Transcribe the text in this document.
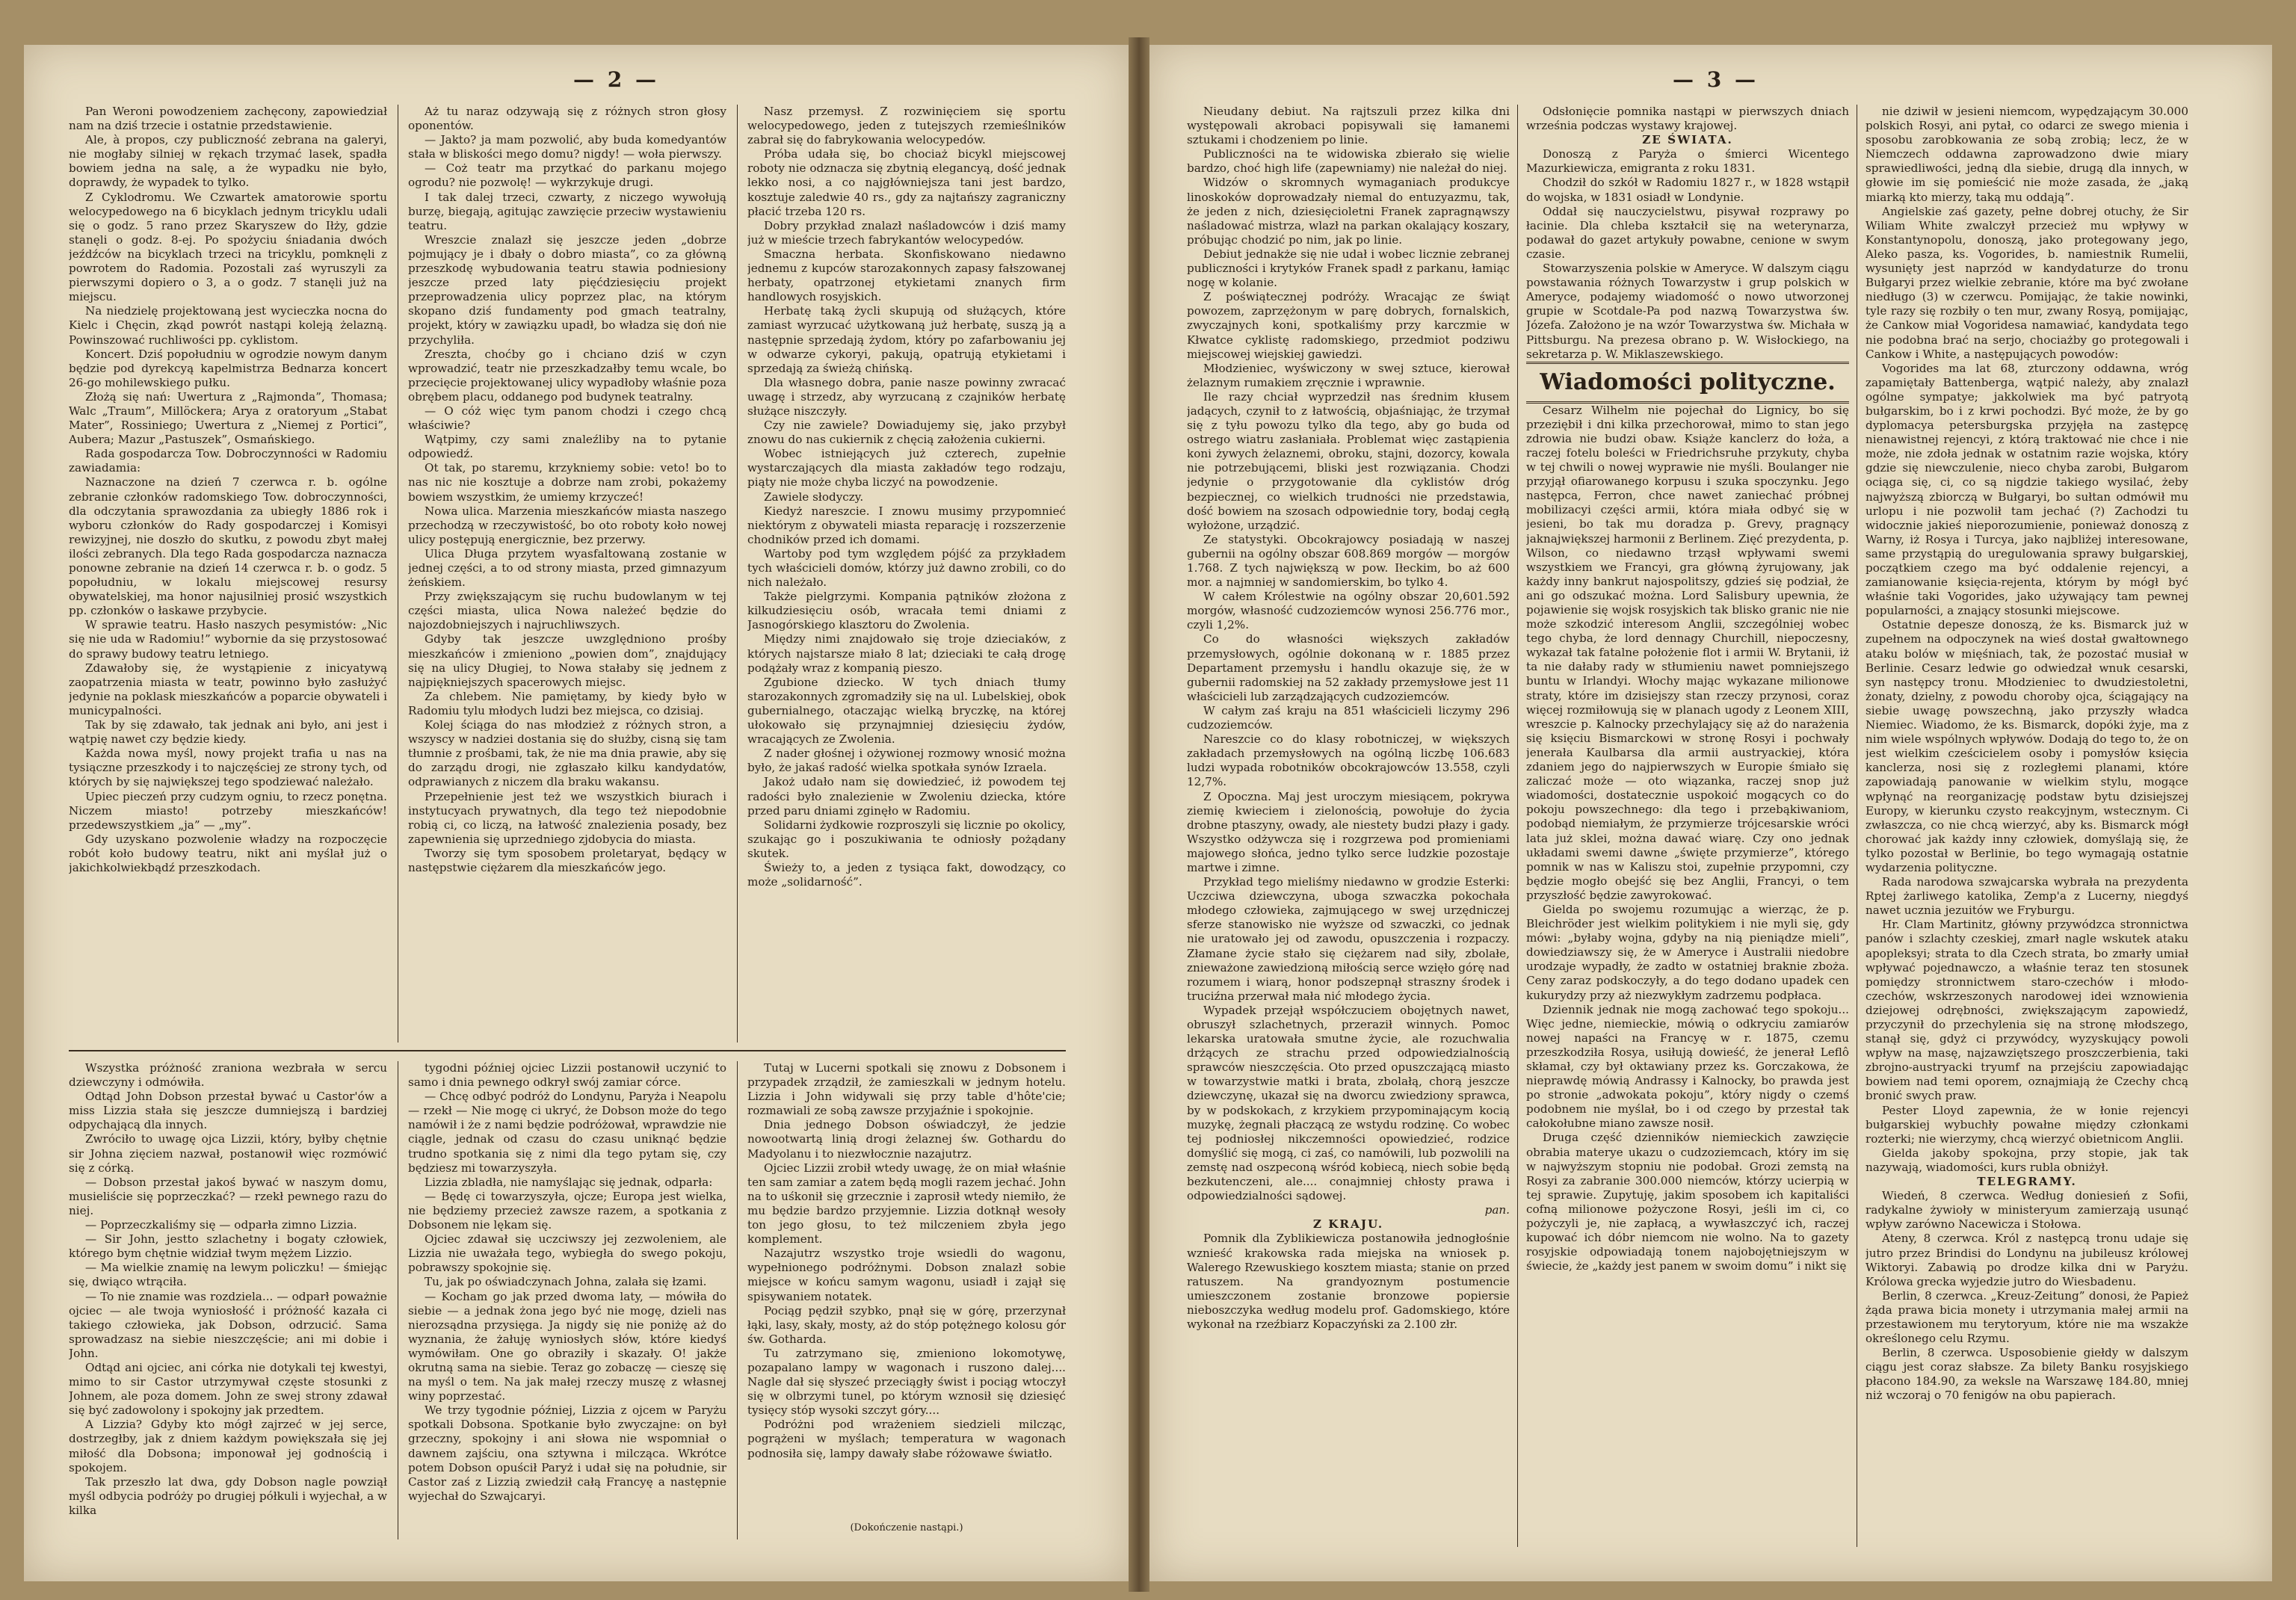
— 2 —

Pan Weroni powodzeniem zachęcony, zapowiedział nam na dziś trzecie i ostatnie przedstawienie.

Ale, à propos, czy publiczność zebrana na galeryi, nie mogłaby silniej w rękach trzymać lasek, spadła bowiem jedna na salę, a że wypadku nie było, doprawdy, że wypadek to tylko.

Z Cyklodromu. We Czwartek amatorowie sportu welocypedowego na 6 bicyklach jednym tricyklu udali się o godz. 5 rano przez Skaryszew do Iłży, gdzie stanęli o godz. 8-ej. Po spożyciu śniadania dwóch jeźdźców na bicyklach trzeci na tricyklu, pomknęli z powrotem do Radomia. Pozostali zaś wyruszyli za pierwszymi dopiero o 3, a o godz. 7 stanęli już na miejscu.

Na niedzielę projektowaną jest wycieczka nocna do Kielc i Chęcin, zkąd powrót nastąpi koleją żelazną. Powinszować ruchliwości pp. cyklistom.

Koncert. Dziś popołudniu w ogrodzie nowym danym będzie pod dyrekcyą kapelmistrza Bednarza koncert 26-go mohilewskiego pułku.

Złożą się nań: Uwertura z „Rajmonda”, Thomasa; Walc „Traum”, Millöckera; Arya z oratoryum „Stabat Mater”, Rossiniego; Uwertura z „Niemej z Portici”, Aubera; Mazur „Pastuszek”, Osmańskiego.

Rada gospodarcza Tow. Dobroczynności w Radomiu zawiadamia:

Naznaczone na dzień 7 czerwca r. b. ogólne zebranie członków radomskiego Tow. dobroczynności, dla odczytania sprawozdania za ubiegły 1886 rok i wyboru członków do Rady gospodarczej i Komisyi rewizyjnej, nie doszło do skutku, z powodu zbyt małej ilości zebranych. Dla tego Rada gospodarcza naznacza ponowne zebranie na dzień 14 czerwca r. b. o godz. 5 popołudniu, w lokalu miejscowej resursy obywatelskiej, ma honor najusilniej prosić wszystkich pp. członków o łaskawe przybycie.

W sprawie teatru. Hasło naszych pesymistów: „Nic się nie uda w Radomiu!” wybornie da się przystosować do sprawy budowy teatru letniego.

Zdawałoby się, że wystąpienie z inicyatywą zaopatrzenia miasta w teatr, powinno było zasłużyć jedynie na poklask mieszkańców a poparcie obywateli i municypalności.

Tak by się zdawało, tak jednak ani było, ani jest i wątpię nawet czy będzie kiedy.

Każda nowa myśl, nowy projekt trafia u nas na tysiączne przeszkody i to najczęściej ze strony tych, od których by się największej tego spodziewać należało.

Upiec pieczeń przy cudzym ogniu, to rzecz ponętna. Niczem miasto! potrzeby mieszkańców! przedewszystkiem „ja” — „my”.

Gdy uzyskano pozwolenie władzy na rozpoczęcie robót koło budowy teatru, nikt ani myślał już o jakichkolwiekbądź przeszkodach.

Aż tu naraz odzywają się z różnych stron głosy oponentów.

— Jakto? ja mam pozwolić, aby buda komedyantów stała w bliskości mego domu? nigdy! — woła pierwszy.

— Coż teatr ma przytkać do parkanu mojego ogrodu? nie pozwolę! — wykrzykuje drugi.

I tak dalej trzeci, czwarty, z niczego wywołują burzę, biegają, agitując zawzięcie przeciw wystawieniu teatru.

Wreszcie znalazł się jeszcze jeden „dobrze pojmujący je i dbały o dobro miasta”, co za główną przeszkodę wybudowania teatru stawia podniesiony jeszcze przed laty pięćdziesięciu projekt przeprowadzenia ulicy poprzez plac, na którym skopano dziś fundamenty pod gmach teatralny, projekt, który w zawiązku upadł, bo władza się doń nie przychyliła.

Zreszta, choćby go i chciano dziś w czyn wprowadzić, teatr nie przeszkadzałby temu wcale, bo przecięcie projektowanej ulicy wypadłoby właśnie poza obrębem placu, oddanego pod budynek teatralny.

— O cóż więc tym panom chodzi i czego chcą właściwie?

Wątpimy, czy sami znaleźliby na to pytanie odpowiedź.

Ot tak, po staremu, krzykniemy sobie: veto! bo to nas nic nie kosztuje a dobrze nam zrobi, pokażemy bowiem wszystkim, że umiemy krzyczeć!

Nowa ulica. Marzenia mieszkańców miasta naszego przechodzą w rzeczywistość, bo oto roboty koło nowej ulicy postępują energicznie, bez przerwy.

Ulica Długa przytem wyasfaltowaną zostanie w jednej części, a to od strony miasta, przed gimnazyum żeńskiem.

Przy zwiększającym się ruchu budowlanym w tej części miasta, ulica Nowa należeć będzie do najozdobniejszych i najruchliwszych.

Gdyby tak jeszcze uwzględniono prośby mieszkańców i zmieniono „powien dom”, znajdujący się na ulicy Długiej, to Nowa stałaby się jednem z najpiękniejszych spacerowych miejsc.

Za chlebem. Nie pamiętamy, by kiedy było w Radomiu tylu młodych ludzi bez miejsca, co dzisiaj.

Kolej ściąga do nas młodzież z różnych stron, a wszyscy w nadziei dostania się do służby, cisną się tam tłumnie z prośbami, tak, że nie ma dnia prawie, aby się do zarządu drogi, nie zgłaszało kilku kandydatów, odprawianych z niczem dla braku wakansu.

Przepełnienie jest też we wszystkich biurach i instytucyach prywatnych, dla tego też niepodobnie robią ci, co liczą, na łatwość znalezienia posady, bez zapewnienia się uprzedniego zjdobycia do miasta.

Tworzy się tym sposobem proletaryat, będący w następstwie ciężarem dla mieszkańców jego.

Nasz przemysł. Z rozwinięciem się sportu welocypedowego, jeden z tutejszych rzemieślników zabrał się do fabrykowania welocypedów.

Próba udała się, bo chociaż bicykl miejscowej roboty nie odznacza się zbytnią elegancyą, dość jednak lekko nosi, a co najgłówniejsza tani jest bardzo, kosztuje zaledwie 40 rs., gdy za najtańszy zagraniczny płacić trzeba 120 rs.

Dobry przykład znalazł naśladowców i dziś mamy już w mieście trzech fabrykantów welocypedów.

Smaczna herbata. Skonfiskowano niedawno jednemu z kupców starozakonnych zapasy fałszowanej herbaty, opatrzonej etykietami znanych firm handlowych rosyjskich.

Herbatę taką życli skupują od służących, które zamiast wyrzucać użytkowaną już herbatę, suszą ją a następnie sprzedają żydom, który po zafarbowaniu jej w odwarze cykoryi, pakują, opatrują etykietami i sprzedają za świeżą chińską.

Dla własnego dobra, panie nasze powinny zwracać uwagę i strzedz, aby wyrzucaną z czajników herbatę służące niszczyły.

Czy nie zawiele? Dowiadujemy się, jako przybył znowu do nas cukiernik z chęcią założenia cukierni.

Wobec istniejących już czterech, zupełnie wystarczających dla miasta zakładów tego rodzaju, piąty nie może chyba liczyć na powodzenie.

Zawiele słodyczy.

Kiedyż nareszcie. I znowu musimy przypomnieć niektórym z obywateli miasta reparację i rozszerzenie chodników przed ich domami.

Wartoby pod tym względem pójść za przykładem tych właścicieli domów, którzy już dawno zrobili, co do nich należało.

Także pielgrzymi. Kompania pątników złożona z kilkudziesięciu osób, wracała temi dniami z Jasnogórskiego klasztoru do Zwolenia.

Między nimi znajdowało się troje dzieciaków, z których najstarsze miało 8 lat; dzieciaki te całą drogę podążały wraz z kompanią pieszo.

Zgubione dziecko. W tych dniach tłumy starozakonnych zgromadziły się na ul. Lubelskiej, obok gubernialnego, otaczając wielką bryczkę, na której ułokowało się przynajmniej dziesięciu żydów, wracających ze Zwolenia.

Z nader głośnej i ożywionej rozmowy wnosić można było, że jakaś radość wielka spotkała synów Izraela.

Jakoż udało nam się dowiedzieć, iż powodem tej radości było znalezienie w Zwoleniu dziecka, które przed paru dniami zginęło w Radomiu.

Solidarni żydkowie rozproszyli się licznie po okolicy, szukając go i poszukiwania te odniosły pożądany skutek.

Świeży to, a jeden z tysiąca fakt, dowodzący, co może „solidarność”.

Wszystka próżność zraniona wezbrała w sercu dziewczyny i odmówiła.

Odtąd John Dobson przestał bywać u Castor'ów a miss Lizzia stała się jeszcze dumniejszą i bardziej odpychającą dla innych.

Zwróciło to uwagę ojca Lizzii, który, byłby chętnie sir Johna zięciem nazwał, postanowił więc rozmówić się z córką.

— Dobson przestał jakoś bywać w naszym domu, musieliście się poprzeczkać? — rzekł pewnego razu do niej.

— Poprzeczkaliśmy się — odparła zimno Lizzia.

— Sir John, jestto szlachetny i bogaty człowiek, którego bym chętnie widział twym mężem Lizzio.

— Ma wielkie znamię na lewym policzku! — śmiejąc się, dwiąco wtrąciła.

— To nie znamie was rozdziela... — odparł poważnie ojciec — ale twoja wyniosłość i próżność kazała ci takiego człowieka, jak Dobson, odrzucić. Sama sprowadzasz na siebie nieszczęście; ani mi dobie i John.

Odtąd ani ojciec, ani córka nie dotykali tej kwestyi, mimo to sir Castor utrzymywał częste stosunki z Johnem, ale poza domem. John ze swej strony zdawał się być zadowolony i spokojny jak przedtem.

A Lizzia? Gdyby kto mógł zajrzeć w jej serce, dostrzegłby, jak z dniem każdym powiększała się jej miłość dla Dobsona; imponował jej godnością i spokojem.

Tak przeszło lat dwa, gdy Dobson nagle powziął myśl odbycia podróży po drugiej półkuli i wyjechał, a w kilka

tygodni później ojciec Lizzii postanowił uczynić to samo i dnia pewnego odkrył swój zamiar córce.

— Chcę odbyć podróż do Londynu, Paryża i Neapolu — rzekł — Nie mogę ci ukryć, że Dobson może do tego namówił i że z nami będzie podróżował, wprawdzie nie ciągle, jednak od czasu do czasu uniknąć będzie trudno spotkania się z nimi dla tego pytam się, czy będziesz mi towarzyszyła.

Lizzia zbladła, nie namyślając się jednak, odparła:

— Będę ci towarzyszyła, ojcze; Europa jest wielka, nie będziemy przecież zawsze razem, a spotkania z Dobsonem nie lękam się.

Ojciec zdawał się uczciwszy jej zezwoleniem, ale Lizzia nie uważała tego, wybiegła do swego pokoju, pobrawszy spokojnie się.

Tu, jak po oświadczynach Johna, zalała się łzami.

— Kocham go jak przed dwoma laty, — mówiła do siebie — a jednak żona jego być nie mogę, dzieli nas nierozsądna przysięga. Ja nigdy się nie poniżę aż do wyznania, że żałuję wyniosłych słów, które kiedyś wymówiłam. One go obraziły i skazały. O! jakże okrutną sama na siebie. Teraz go zobaczę — cieszę się na myśl o tem. Na jak małej rzeczy muszę z własnej winy poprzestać.

We trzy tygodnie później, Lizzia z ojcem w Paryżu spotkali Dobsona. Spotkanie było zwyczajne: on był grzeczny, spokojny i ani słowa nie wspomniał o dawnem zajściu, ona sztywna i milcząca. Wkrótce potem Dobson opuścił Paryż i udał się na południe, sir Castor zaś z Lizzią zwiedził całą Francyę a następnie wyjechał do Szwajcaryi.

Tutaj w Lucerni spotkali się znowu z Dobsonem i przypadek zrządził, że zamieszkali w jednym hotelu. Lizzia i John widywali się przy table d'hôte'cie; rozmawiali ze sobą zawsze przyjaźnie i spokojnie.

Dnia jednego Dobson oświadczył, że jedzie nowootwartą linią drogi żelaznej św. Gothardu do Madyolanu i to niezwłocznie nazajutrz.

Ojciec Lizzii zrobił wtedy uwagę, że on miał właśnie ten sam zamiar a zatem będą mogli razem jechać. John na to uśkonił się grzecznie i zaprosił wtedy niemiło, że mu będzie bardzo przyjemnie. Lizzia dotknął wesoły ton jego głosu, to też milczeniem zbyła jego komplement.

Nazajutrz wszystko troje wsiedli do wagonu, wypełnionego podróżnymi. Dobson znalazł sobie miejsce w końcu samym wagonu, usiadł i zajął się spisywaniem notatek.

Pociąg pędził szybko, pnął się w górę, przerzynał łąki, lasy, skały, mosty, aż do stóp potężnego kolosu gór św. Gotharda.

Tu zatrzymano się, zmieniono lokomotywę, pozapalano lampy w wagonach i ruszono dalej.... Nagle dał się słyszeć przeciągły świst i pociąg wtoczył się w olbrzymi tunel, po którym wznosił się dziesięć tysięcy stóp wysoki szczyt góry....

Podróżni pod wrażeniem siedzieli milcząc, pogrążeni w myślach; temperatura w wagonach podnosiła się, lampy dawały słabe różowawe światło.

(Dokończenie nastąpi.)
— 3 —

Nieudany debiut. Na rajtszuli przez kilka dni występowali akrobaci popisywali się łamanemi sztukami i chodzeniem po linie.

Publiczności na te widowiska zbierało się wielie bardzo, choć high life (zapewniamy) nie należał do niej.

Widzów o skromnych wymaganiach produkcye linoskoków doprowadzały niemal do entuzyazmu, tak, że jeden z nich, dziesięcioletni Franek zapragnąwszy naśladować mistrza, wlazł na parkan okalający koszary, próbując chodzić po nim, jak po linie.

Debiut jednakże się nie udał i wobec licznie zebranej publiczności i krytyków Franek spadł z parkanu, łamiąc nogę w kolanie.

Z poświątecznej podróży. Wracając ze świąt powozem, zaprzężonym w parę dobrych, fornalskich, zwyczajnych koni, spotkaliśmy przy karczmie w Kłwatce cyklistę radomskiego, przedmiot podziwu miejscowej wiejskiej gawiedzi.

Młodzieniec, wyświczony w swej sztuce, kierował żelaznym rumakiem zręcznie i wprawnie.

Ile razy chciał wyprzedził nas średnim kłusem jadących, czynił to z łatwością, objaśniając, że trzymał się z tyłu powozu tylko dla tego, aby go buda od ostrego wiatru zasłaniała. Problemat więc zastąpienia koni żywych żelaznemi, obroku, stajni, dozorcy, kowala nie potrzebującemi, bliski jest rozwiązania. Chodzi jedynie o przygotowanie dla cyklistów dróg bezpiecznej, co wielkich trudności nie przedstawia, dość bowiem na szosach odpowiednie tory, bodaj cegłą wyłożone, urządzić.

Ze statystyki. Obcokrajowcy posiadają w naszej gubernii na ogólny obszar 608.869 morgów — morgów 1.768. Z tych największą w pow. Iłeckim, bo aż 600 mor. a najmniej w sandomierskim, bo tylko 4.

W całem Królestwie na ogólny obszar 20,601.592 morgów, własność cudzoziemców wynosi 256.776 mor., czyli 1,2%.

Co do własności większych zakładów przemysłowych, ogólnie dokonaną w r. 1885 przez Departament przemysłu i handlu okazuje się, że w gubernii radomskiej na 52 zakłady przemysłowe jest 11 właścicieli lub zarządzających cudzoziemców.

W całym zaś kraju na 851 właścicieli liczymy 296 cudzoziemców.

Nareszcie co do klasy robotniczej, w większych zakładach przemysłowych na ogólną liczbę 106.683 ludzi wypada robotników obcokrajowców 13.558, czyli 12,7%.

Z Opoczna. Maj jest uroczym miesiącem, pokrywa ziemię kwieciem i zielonością, powołuje do życia drobne ptaszyny, owady, ale niestety budzi płazy i gady. Wszystko odżywcza się i rozgrzewa pod promieniami majowego słońca, jedno tylko serce ludzkie pozostaje martwe i zimne.

Przykład tego mieliśmy niedawno w grodzie Esterki: Uczciwa dziewczyna, uboga szwaczka pokochała młodego człowieka, zajmującego w swej urzędniczej sferze stanowisko nie wyższe od szwaczki, co jednak nie uratowało jej od zawodu, opuszczenia i rozpaczy. Złamane życie stało się ciężarem nad siły, zbolałe, znieważone zawiedzioną miłością serce wzięło górę nad rozumem i wiarą, honor podszepnął straszny środek i truciźna przerwał mała nić młodego życia.

Wypadek przejął współczuciem obojętnych nawet, obruszył szlachetnych, przeraził winnych. Pomoc lekarska uratowała smutne życie, ale rozuchwalia drżących ze strachu przed odpowiedzialnością sprawców nieszczęścia. Oto przed opuszczającą miasto w towarzystwie matki i brata, zbolałą, chorą jeszcze dziewczynę, ukazał się na dworcu zwiedziony sprawca, by w podskokach, z krzykiem przypominającym kocią muzykę, żegnali płaczącą ze wstydu rodzinę. Co wobec tej podniosłej nikczemności opowiedzieć, rodzice domyślić się mogą, ci zaś, co namówili, lub pozwolili na zemstę nad oszpeconą wśród kobiecą, niech sobie będą bezkutenczeni, ale.... conajmniej chłosty prawa i odpowiedzialności sądowej.

pan.

Z KRAJU.

Pomnik dla Zyblikiewicza postanowiła jednogłośnie wznieść krakowska rada miejska na wniosek p. Walerego Rzewuskiego kosztem miasta; stanie on przed ratuszem. Na grandyoznym postumencie umieszczonem zostanie bronzowe popiersie nieboszczyka według modelu prof. Gadomskiego, które wykonał na rzeźbiarz Kopaczyński za 2.100 złr.

Odsłonięcie pomnika nastąpi w pierwszych dniach września podczas wystawy krajowej.

ZE ŚWIATA.

Donoszą z Paryża o śmierci Wicentego Mazurkiewicza, emigranta z roku 1831.

Chodził do szkół w Radomiu 1827 r., w 1828 wstąpił do wojska, w 1831 osiadł w Londynie.

Oddał się nauczycielstwu, pisywał rozprawy po łacinie. Dla chleba kształcił się na weterynarza, podawał do gazet artykuły powabne, cenione w swym czasie.

Stowarzyszenia polskie w Ameryce. W dalszym ciągu powstawania różnych Towarzystw i grup polskich w Ameryce, podajemy wiadomość o nowo utworzonej grupie w Scotdale-Pa pod nazwą Towarzystwa św. Józefa. Założono je na wzór Towarzystwa św. Michała w Pittsburgu. Na prezesa obrano p. W. Wisłockiego, na sekretarza p. W. Miklaszewskiego.

Wiadomości polityczne.

Cesarz Wilhelm nie pojechał do Lignicy, bo się przeziębił i dni kilka przechorował, mimo to stan jego zdrowia nie budzi obaw. Książe kanclerz do łoża, a raczej fotelu boleści w Friedrichsruhe przykuty, chyba w tej chwili o nowej wyprawie nie myśli. Boulanger nie przyjął ofiarowanego korpusu i szuka spoczynku. Jego następca, Ferron, chce nawet zaniechać próbnej mobilizacyi części armii, która miała odbyć się w jesieni, bo tak mu doradza p. Grevy, pragnący jaknajwiększej harmonii z Berlinem. Zięć prezydenta, p. Wilson, co niedawno trząsł wpływami swemi wszystkiem we Francyi, gra główną żyrujowany, jak każdy inny bankrut najospolitszy, gdzieś się podział, że ani go odszukać można. Lord Salisbury upewnia, że pojawienie się wojsk rosyjskich tak blisko granic nie nie może szkodzić interesom Anglii, szczególniej wobec tego chyba, że lord dennagy Churchill, niepoczesny, wykazał tak fatalne położenie flot i armii W. Brytanii, iż ta nie dałaby rady w stłumieniu nawet pomniejszego buntu w Irlandyi. Włochy mając wykazane milionowe straty, które im dzisiejszy stan rzeczy przynosi, coraz więcej rozmiłowują się w planach ugody z Leonem XIII, wreszcie p. Kalnocky przechylający się aż do narażenia się księciu Bismarckowi w stronę Rosyi i pochwały jenerała Kaulbarsa dla armii austryackiej, która zdaniem jego do najpierwszych w Europie śmiało się zaliczać może — oto wiązanka, raczej snop już wiadomości, dostatecznie uspokoić mogących co do pokoju powszechnego: dla tego i przebąkiwaniom, podobąd niemiałym, że przymierze trójcesarskie wróci lata już sklei, można dawać wiarę. Czy ono jednak układami swemi dawne „święte przymierze”, którego pomnik w nas w Kaliszu stoi, zupełnie przypomni, czy będzie mogło obejść się bez Anglii, Francyi, o tem przyszłość będzie zawyrokować.

Gielda po swojemu rozumując a wierząc, że p. Bleichröder jest wielkim politykiem i nie myli się, gdy mówi: „byłaby wojna, gdyby na nią pieniądze mieli”, dowiedziawszy się, że w Ameryce i Australii niedobre urodzaje wypadły, że zadto w ostatniej braknie zboża. Ceny zaraz podskoczyły, a do tego dodano upadek cen kukurydzy przy aż niezwykłym zadrzemu podpłaca.

Dziennik jednak nie mogą zachować tego spokoju... Więc jedne, niemieckie, mówią o odkryciu zamiarów nowej napaści na Francyę w r. 1875, czemu przeszkodziła Rosya, usiłują dowieść, że jenerał Leflô skłamał, czy był oktawiany przez ks. Gorczakowa, że nieprawdę mówią Andrassy i Kalnocky, bo prawda jest po stronie „adwokata pokoju”, który nigdy o czemś podobnem nie myślał, bo i od czego by przestał tak całokołubne miano zawsze nosił.

Druga część dzienników niemieckich zawzięcie obrabia materye ukazu o cudzoziemcach, który im się w najwyższym stopniu nie podobał. Grozi zemstą na Rosyi za zabranie 300.000 niemców, którzy ucierpią w tej sprawie. Zupytuję, jakim sposobem ich kapitaliści cofną milionowe pożyczone Rosyi, jeśli im ci, co pożyczyli je, nie zapłacą, a wywłaszczyć ich, raczej kupować ich dóbr niemcom nie wolno. Na to gazety rosyjskie odpowiadają tonem najobojętniejszym w świecie, że „każdy jest panem w swoim domu” i nikt się

nie dziwił w jesieni niemcom, wypędzającym 30.000 polskich Rosyi, ani pytał, co odarci ze swego mienia i sposobu zarobkowania ze sobą zrobią; lecz, że w Niemczech oddawna zaprowadzono dwie miary sprawiedliwości, jedną dla siebie, drugą dla innych, w głowie im się pomieścić nie może zasada, że „jaką miarką kto mierzy, taką mu oddają”.

Angielskie zaś gazety, pełne dobrej otuchy, że Sir Wiliam White zwalczył przecież mu wpływy w Konstantynopolu, donoszą, jako protegowany jego, Aleko pasza, ks. Vogorides, b. namiestnik Rumelii, wysunięty jest naprzód w kandydaturze do tronu Bułgaryi przez wielkie zebranie, które ma być zwołane niedługo (3) w czerwcu. Pomijając, że takie nowinki, tyle razy się rozbiły o ten mur, zwany Rosyą, pomijając, że Cankow miał Vogoridesa namawiać, kandydata tego nie podobna brać na serjo, chociażby go protegowali i Cankow i White, a następujących powodów:

Vogorides ma lat 68, zturczony oddawna, wróg zapamiętały Battenberga, wątpić należy, aby znalazł ogólne sympatye; jakkolwiek ma być patryotą bułgarskim, bo i z krwi pochodzi. Być może, że by go dyplomacya petersburgska przyjęła na zastępcę nienawistnej rejencyi, z którą traktować nie chce i nie może, nie zdoła jednak w ostatnim razie wojska, który gdzie się niewczulenie, nieco chyba zarobi, Bułgarom ociąga się, ci, co są nigdzie takiego wysilać, żeby najwyższą zbiorczą w Bułgaryi, bo sułtan odmówił mu urlopu i nie pozwolił tam jechać (?) Zachodzi tu widocznie jakieś nieporozumienie, ponieważ donoszą z Warny, iż Rosya i Turcya, jako najbliżej interesowane, same przystąpią do uregulowania sprawy bułgarskiej, początkiem czego ma być oddalenie rejencyi, a zamianowanie księcia-rejenta, którym by mógł być właśnie taki Vogorides, jako używający tam pewnej popularności, a znający stosunki miejscowe.

Ostatnie depesze donoszą, że ks. Bismarck już w zupełnem na odpoczynek na wieś dostał gwałtownego ataku bolów w mięśniach, tak, że pozostać musiał w Berlinie. Cesarz ledwie go odwiedzał wnuk cesarski, syn następcy tronu. Młodzieniec to dwudziestoletni, żonaty, dzielny, z powodu choroby ojca, ściągający na siebie uwagę powszechną, jako przyszły władca Niemiec. Wiadomo, że ks. Bismarck, dopóki żyje, ma z nim wiele wspólnych wpływów. Dodają do tego to, że on jest wielkim cześcicielem osoby i pomysłów księcia kanclerza, nosi się z rozległemi planami, które zapowiadają panowanie w wielkim stylu, mogące wpłynąć na reorganizację podstaw bytu dzisiejszej Europy, w kierunku czysto reakcyjnym, wstecznym. Ci zwłaszcza, co nie chcą wierzyć, aby ks. Bismarck mógł chorować jak każdy inny człowiek, domyślają się, że tylko pozostał w Berlinie, bo tego wymagają ostatnie wydarzenia polityczne.

Rada narodowa szwajcarska wybrała na prezydenta Rptej żarliwego katolika, Zemp'a z Lucerny, niegdyś nawet ucznia jezuitów we Fryburgu.

Hr. Clam Martinitz, główny przywódzca stronnictwa panów i szlachty czeskiej, zmarł nagle wskutek ataku apopleksyi; strata to dla Czech strata, bo zmarły umiał wpływać pojednawczo, a właśnie teraz ten stosunek pomiędzy stronnictwem staro-czechów i młodo-czechów, wskrzeszonych narodowej idei wznowienia dziejowej odrębności, zwiększającym zapowiedź, przyczynił do przechylenia się na stronę młodszego, stanął się, gdyż ci przywódcy, wyzyskujący powoli wpływ na masę, najzawziętszego proszczerbienia, taki zbrojno-austryacki tryumf na przejściu zapowiadając bowiem nad temi oporem, oznajmiają że Czechy chcą bronić swych praw.

Pester Lloyd zapewnia, że w łonie rejencyi bułgarskiej wybuchły powałne między członkami rozterki; nie wierzymy, chcą wierzyć obietnicom Anglii.

Gielda jakoby spokojna, przy stopie, jak tak nazywają, wiadomości, kurs rubla obniżył.

TELEGRAMY.

Wiedeń, 8 czerwca. Według doniesień z Sofii, radykalne żywioły w ministeryum zamierzają usunąć wpływ zarówno Nacewicza i Stołowa.

Ateny, 8 czerwca. Król z następcą tronu udaje się jutro przez Brindisi do Londynu na jubileusz królowej Wiktoryi. Zabawią po drodze kilka dni w Paryżu. Królowa grecka wyjedzie jutro do Wiesbadenu.

Berlin, 8 czerwca. „Kreuz-Zeitung” donosi, że Papież żąda prawa bicia monety i utrzymania małej armii na przestawionem mu terytoryum, które nie ma wszakże określonego celu Rzymu.

Berlin, 8 czerwca. Usposobienie giełdy w dalszym ciągu jest coraz słabsze. Za bilety Banku rosyjskiego płacono 184.90, za weksle na Warszawę 184.80, mniej niż wczoraj o 70 fenigów na obu papierach.
